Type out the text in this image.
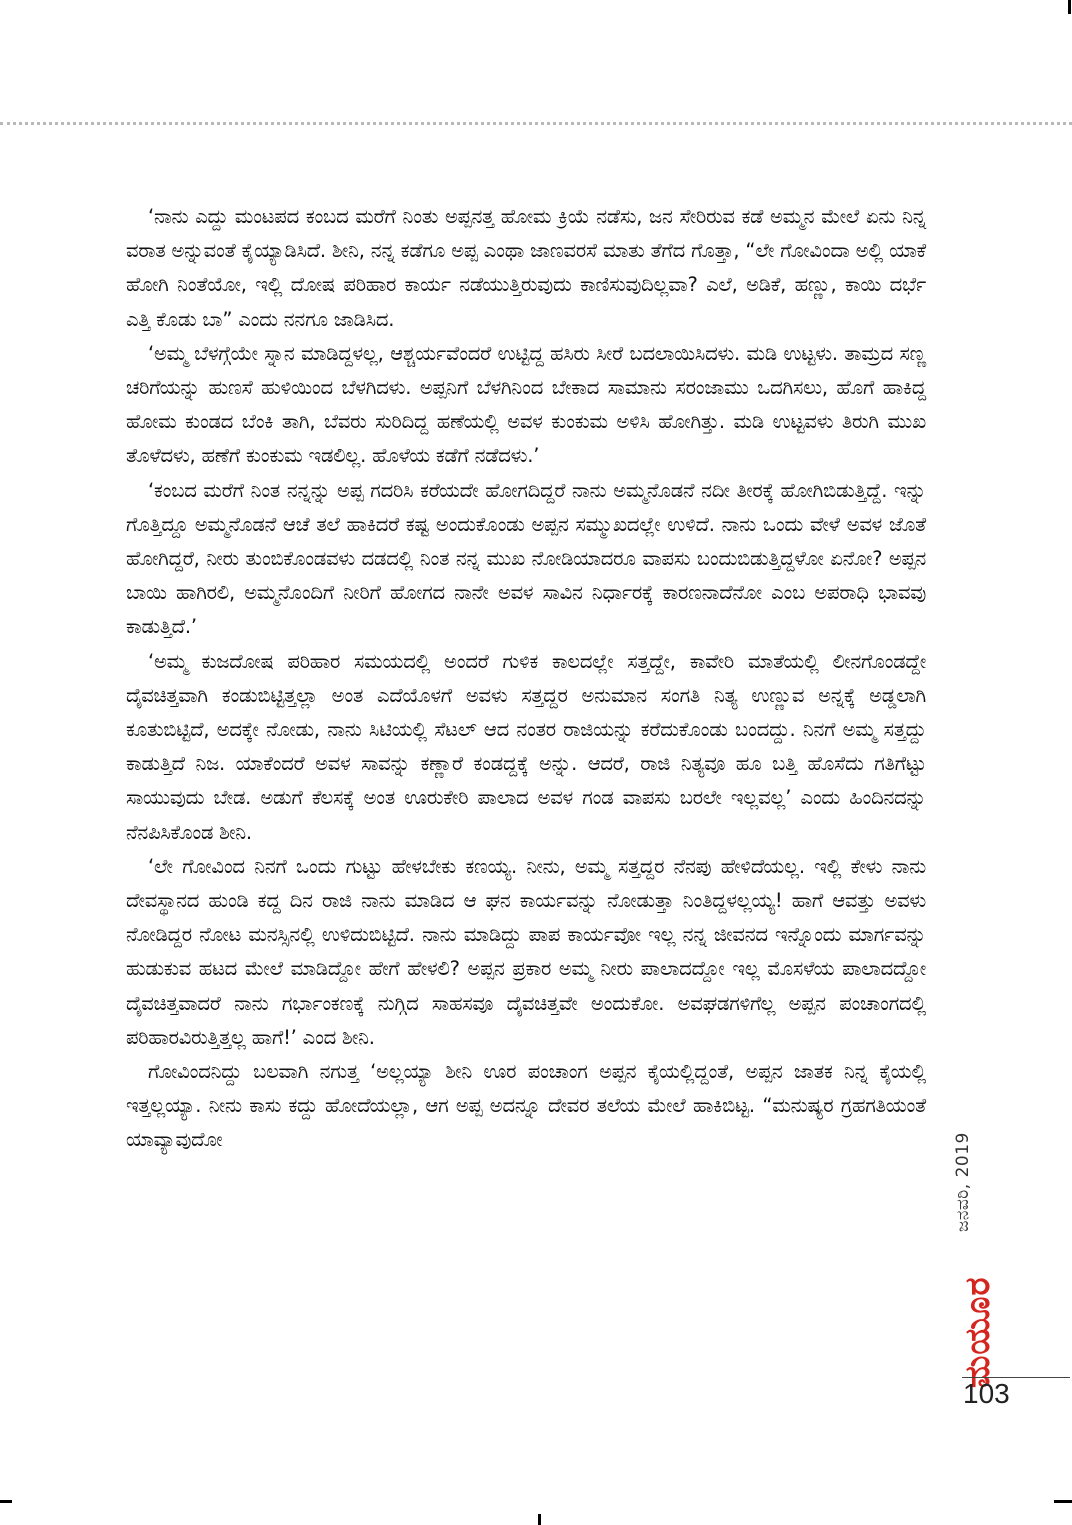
‘ನಾನು ಎದ್ದು ಮಂಟಪದ ಕಂಬದ ಮರೆಗೆ ನಿಂತು ಅಪ್ಪನತ್ತ ಹೋಮ ಕ್ರಿಯೆ ನಡೆಸು, ಜನ ಸೇರಿರುವ ಕಡೆ ಅಮ್ಮನ ಮೇಲೆ ಏನು ನಿನ್ನ ವರಾತ ಅನ್ನುವಂತೆ ಕೈಯ್ಯಾಡಿಸಿದೆ. ಶೀನಿ, ನನ್ನ ಕಡೆಗೂ ಅಪ್ಪ ಎಂಥಾ ಜಾಣವರಸೆ ಮಾತು ತೆಗೆದ ಗೊತ್ತಾ, “ಲೇ ಗೋವಿಂದಾ ಅಲ್ಲಿ ಯಾಕೆ ಹೋಗಿ ನಿಂತೆಯೋ, ಇಲ್ಲಿ ದೋಷ ಪರಿಹಾರ ಕಾರ್ಯ ನಡೆಯುತ್ತಿರುವುದು ಕಾಣಿಸುವುದಿಲ್ಲವಾ? ಎಲೆ, ಅಡಿಕೆ, ಹಣ್ಣು, ಕಾಯಿ ದರ್ಭೆ ಎತ್ತಿ ಕೊಡು ಬಾ” ಎಂದು ನನಗೂ ಜಾಡಿಸಿದ.

‘ಅಮ್ಮ ಬೆಳಗ್ಗೆಯೇ ಸ್ನಾನ ಮಾಡಿದ್ದಳಲ್ಲ, ಆಶ್ಚರ್ಯವೆಂದರೆ ಉಟ್ಟಿದ್ದ ಹಸಿರು ಸೀರೆ ಬದಲಾಯಿಸಿದಳು. ಮಡಿ ಉಟ್ಟಳು. ತಾಮ್ರದ ಸಣ್ಣ ಚರಿಗೆಯನ್ನು ಹುಣಸೆ ಹುಳಿಯಿಂದ ಬೆಳಗಿದಳು. ಅಪ್ಪನಿಗೆ ಬೆಳಗಿನಿಂದ ಬೇಕಾದ ಸಾಮಾನು ಸರಂಜಾಮು ಒದಗಿಸಲು, ಹೊಗೆ ಹಾಕಿದ್ದ ಹೋಮ ಕುಂಡದ ಬೆಂಕಿ ತಾಗಿ, ಬೆವರು ಸುರಿದಿದ್ದ ಹಣೆಯಲ್ಲಿ ಅವಳ ಕುಂಕುಮ ಅಳಿಸಿ ಹೋಗಿತ್ತು. ಮಡಿ ಉಟ್ಟವಳು ತಿರುಗಿ ಮುಖ ತೊಳೆದಳು, ಹಣೆಗೆ ಕುಂಕುಮ ಇಡಲಿಲ್ಲ. ಹೊಳೆಯ ಕಡೆಗೆ ನಡೆದಳು.’

‘ಕಂಬದ ಮರೆಗೆ ನಿಂತ ನನ್ನನ್ನು ಅಪ್ಪ ಗದರಿಸಿ ಕರೆಯದೇ ಹೋಗದಿದ್ದರೆ ನಾನು ಅಮ್ಮನೊಡನೆ ನದೀ ತೀರಕ್ಕೆ ಹೋಗಿಬಿಡುತ್ತಿದ್ದೆ. ಇನ್ನು ಗೊತ್ತಿದ್ದೂ ಅಮ್ಮನೊಡನೆ ಆಚೆ ತಲೆ ಹಾಕಿದರೆ ಕಷ್ಟ ಅಂದುಕೊಂಡು ಅಪ್ಪನ ಸಮ್ಮುಖದಲ್ಲೇ ಉಳಿದೆ. ನಾನು ಒಂದು ವೇಳೆ ಅವಳ ಜೊತೆ ಹೋಗಿದ್ದರೆ, ನೀರು ತುಂಬಿಕೊಂಡವಳು ದಡದಲ್ಲಿ ನಿಂತ ನನ್ನ ಮುಖ ನೋಡಿಯಾದರೂ ವಾಪಸು ಬಂದುಬಿಡುತ್ತಿದ್ದಳೋ ಏನೋ? ಅಪ್ಪನ ಬಾಯಿ ಹಾಗಿರಲಿ, ಅಮ್ಮನೊಂದಿಗೆ ನೀರಿಗೆ ಹೋಗದ ನಾನೇ ಅವಳ ಸಾವಿನ ನಿರ್ಧಾರಕ್ಕೆ ಕಾರಣನಾದೆನೋ ಎಂಬ ಅಪರಾಧಿ ಭಾವವು ಕಾಡುತ್ತಿದೆ.’

‘ಅಮ್ಮ ಕುಜದೋಷ ಪರಿಹಾರ ಸಮಯದಲ್ಲಿ ಅಂದರೆ ಗುಳಿಕ ಕಾಲದಲ್ಲೇ ಸತ್ತದ್ದೇ, ಕಾವೇರಿ ಮಾತೆಯಲ್ಲಿ ಲೀನಗೊಂಡದ್ದೇ ದೈವಚಿತ್ತವಾಗಿ ಕಂಡುಬಿಟ್ಟಿತ್ತಲ್ಲಾ ಅಂತ ಎದೆಯೊಳಗೆ ಅವಳು ಸತ್ತದ್ದರ ಅನುಮಾನ ಸಂಗತಿ ನಿತ್ಯ ಉಣ್ಣುವ ಅನ್ನಕ್ಕೆ ಅಡ್ಡಲಾಗಿ ಕೂತುಬಿಟ್ಟಿದೆ, ಅದಕ್ಕೇ ನೋಡು, ನಾನು ಸಿಟಿಯಲ್ಲಿ ಸೆಟಲ್ ಆದ ನಂತರ ರಾಜಿಯನ್ನು ಕರೆದುಕೊಂಡು ಬಂದದ್ದು. ನಿನಗೆ ಅಮ್ಮ ಸತ್ತದ್ದು ಕಾಡುತ್ತಿದೆ ನಿಜ. ಯಾಕೆಂದರೆ ಅವಳ ಸಾವನ್ನು ಕಣ್ಣಾರೆ ಕಂಡದ್ದಕ್ಕೆ ಅನ್ನು. ಆದರೆ, ರಾಜಿ ನಿತ್ಯವೂ ಹೂ ಬತ್ತಿ ಹೊಸೆದು ಗತಿಗೆಟ್ಟು ಸಾಯುವುದು ಬೇಡ. ಅಡುಗೆ ಕೆಲಸಕ್ಕೆ ಅಂತ ಊರುಕೇರಿ ಪಾಲಾದ ಅವಳ ಗಂಡ ವಾಪಸು ಬರಲೇ ಇಲ್ಲವಲ್ಲ’ ಎಂದು ಹಿಂದಿನದನ್ನು ನೆನಪಿಸಿಕೊಂಡ ಶೀನಿ.

‘ಲೇ ಗೋವಿಂದ ನಿನಗೆ ಒಂದು ಗುಟ್ಟು ಹೇಳಬೇಕು ಕಣಯ್ಯ. ನೀನು, ಅಮ್ಮ ಸತ್ತದ್ದರ ನೆನಪು ಹೇಳಿದೆಯಲ್ಲ. ಇಲ್ಲಿ ಕೇಳು ನಾನು ದೇವಸ್ಥಾನದ ಹುಂಡಿ ಕದ್ದ ದಿನ ರಾಜಿ ನಾನು ಮಾಡಿದ ಆ ಘನ ಕಾರ್ಯವನ್ನು ನೋಡುತ್ತಾ ನಿಂತಿದ್ದಳಲ್ಲಯ್ಯ! ಹಾಗೆ ಆವತ್ತು ಅವಳು ನೋಡಿದ್ದರ ನೋಟ ಮನಸ್ಸಿನಲ್ಲಿ ಉಳಿದುಬಿಟ್ಟಿದೆ. ನಾನು ಮಾಡಿದ್ದು ಪಾಪ ಕಾರ್ಯವೋ ಇಲ್ಲ ನನ್ನ ಜೀವನದ ಇನ್ನೊಂದು ಮಾರ್ಗವನ್ನು ಹುಡುಕುವ ಹಟದ ಮೇಲೆ ಮಾಡಿದ್ದೋ ಹೇಗೆ ಹೇಳಲಿ? ಅಪ್ಪನ ಪ್ರಕಾರ ಅಮ್ಮ ನೀರು ಪಾಲಾದದ್ದೋ ಇಲ್ಲ ಮೊಸಳೆಯ ಪಾಲಾದದ್ದೋ ದೈವಚಿತ್ತವಾದರೆ ನಾನು ಗರ್ಭಾಂಕಣಕ್ಕೆ ನುಗ್ಗಿದ ಸಾಹಸವೂ ದೈವಚಿತ್ತವೇ ಅಂದುಕೋ. ಅವಘಡಗಳಿಗೆಲ್ಲ ಅಪ್ಪನ ಪಂಚಾಂಗದಲ್ಲಿ ಪರಿಹಾರವಿರುತ್ತಿತ್ತಲ್ಲ ಹಾಗೆ!’ ಎಂದ ಶೀನಿ.

ಗೋವಿಂದನಿದ್ದು ಬಲವಾಗಿ ನಗುತ್ತ ‘ಅಲ್ಲಯ್ಯಾ ಶೀನಿ ಊರ ಪಂಚಾಂಗ ಅಪ್ಪನ ಕೈಯಲ್ಲಿದ್ದಂತೆ, ಅಪ್ಪನ ಜಾತಕ ನಿನ್ನ ಕೈಯಲ್ಲಿ ಇತ್ತಲ್ಲಯ್ಯಾ. ನೀನು ಕಾಸು ಕದ್ದು ಹೋದೆಯಲ್ಲಾ, ಆಗ ಅಪ್ಪ ಅದನ್ನೂ ದೇವರ ತಲೆಯ ಮೇಲೆ ಹಾಕಿಬಿಟ್ಟ. “ಮನುಷ್ಯರ ಗ್ರಹಗತಿಯಂತೆ ಯಾವ್ಯಾವುದೋ	ಜನವರಿ, 2019
ಮಯೂರ
103
